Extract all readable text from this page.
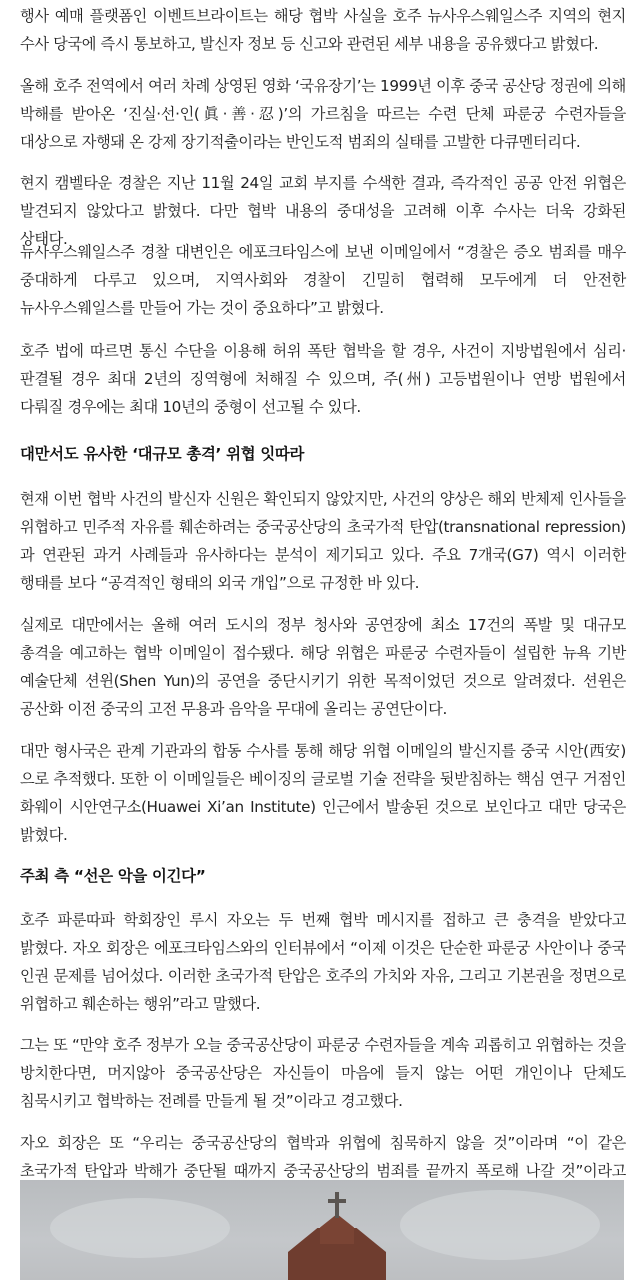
행사 예매 플랫폼인 이벤트브라이트는 해당 협박 사실을 호주 뉴사우스웨일스주 지역의 현지 수사 당국에 즉시 통보하고, 발신자 정보 등 신고와 관련된 세부 내용을 공유했다고 밝혔다.

올해 호주 전역에서 여러 차례 상영된 영화 ‘국유장기’는 1999년 이후 중국 공산당 정권에 의해 박해를 받아온 ‘진실·선·인(眞·善·忍)’의 가르침을 따르는 수련 단체 파룬궁 수련자들을 대상으로 자행돼 온 강제 장기적출이라는 반인도적 범죄의 실태를 고발한 다큐멘터리다.

현지 캠벨타운 경찰은 지난 11월 24일 교회 부지를 수색한 결과, 즉각적인 공공 안전 위협은 발견되지 않았다고 밝혔다. 다만 협박 내용의 중대성을 고려해 이후 수사는 더욱 강화된 상태다.

뉴사우스웨일스주 경찰 대변인은 에포크타임스에 보낸 이메일에서 “경찰은 증오 범죄를 매우 중대하게 다루고 있으며, 지역사회와 경찰이 긴밀히 협력해 모두에게 더 안전한 뉴사우스웨일스를 만들어 가는 것이 중요하다”고 밝혔다.

호주 법에 따르면 통신 수단을 이용해 허위 폭탄 협박을 할 경우, 사건이 지방법원에서 심리·판결될 경우 최대 2년의 징역형에 처해질 수 있으며, 주(州) 고등법원이나 연방 법원에서 다뤄질 경우에는 최대 10년의 중형이 선고될 수 있다.

대만서도 유사한 ‘대규모 총격’ 위협 잇따라

현재 이번 협박 사건의 발신자 신원은 확인되지 않았지만, 사건의 양상은 해외 반체제 인사들을 위협하고 민주적 자유를 훼손하려는 중국공산당의 초국가적 탄압(transnational repression)과 연관된 과거 사례들과 유사하다는 분석이 제기되고 있다. 주요 7개국(G7) 역시 이러한 행태를 보다 “공격적인 형태의 외국 개입”으로 규정한 바 있다.

실제로 대만에서는 올해 여러 도시의 정부 청사와 공연장에 최소 17건의 폭발 및 대규모 총격을 예고하는 협박 이메일이 접수됐다. 해당 위협은 파룬궁 수련자들이 설립한 뉴욕 기반 예술단체 션윈(Shen Yun)의 공연을 중단시키기 위한 목적이었던 것으로 알려졌다. 션윈은 공산화 이전 중국의 고전 무용과 음악을 무대에 올리는 공연단이다.

대만 형사국은 관계 기관과의 합동 수사를 통해 해당 위협 이메일의 발신지를 중국 시안(西安)으로 추적했다. 또한 이 이메일들은 베이징의 글로벌 기술 전략을 뒷받침하는 핵심 연구 거점인 화웨이 시안연구소(Huawei Xi’an Institute) 인근에서 발송된 것으로 보인다고 대만 당국은 밝혔다.

주최 측 “선은 악을 이긴다”

호주 파룬따파 학회장인 루시 자오는 두 번째 협박 메시지를 접하고 큰 충격을 받았다고 밝혔다. 자오 회장은 에포크타임스와의 인터뷰에서 “이제 이것은 단순한 파룬궁 사안이나 중국 인권 문제를 넘어섰다. 이러한 초국가적 탄압은 호주의 가치와 자유, 그리고 기본권을 정면으로 위협하고 훼손하는 행위”라고 말했다.

그는 또 “만약 호주 정부가 오늘 중국공산당이 파룬궁 수련자들을 계속 괴롭히고 위협하는 것을 방치한다면, 머지않아 중국공산당은 자신들이 마음에 들지 않는 어떤 개인이나 단체도 침묵시키고 협박하는 전례를 만들게 될 것”이라고 경고했다.

자오 회장은 또 “우리는 중국공산당의 협박과 위협에 침묵하지 않을 것”이라며 “이 같은 초국가적 탄압과 박해가 중단될 때까지 중국공산당의 범죄를 끝까지 폭로해 나갈 것”이라고
